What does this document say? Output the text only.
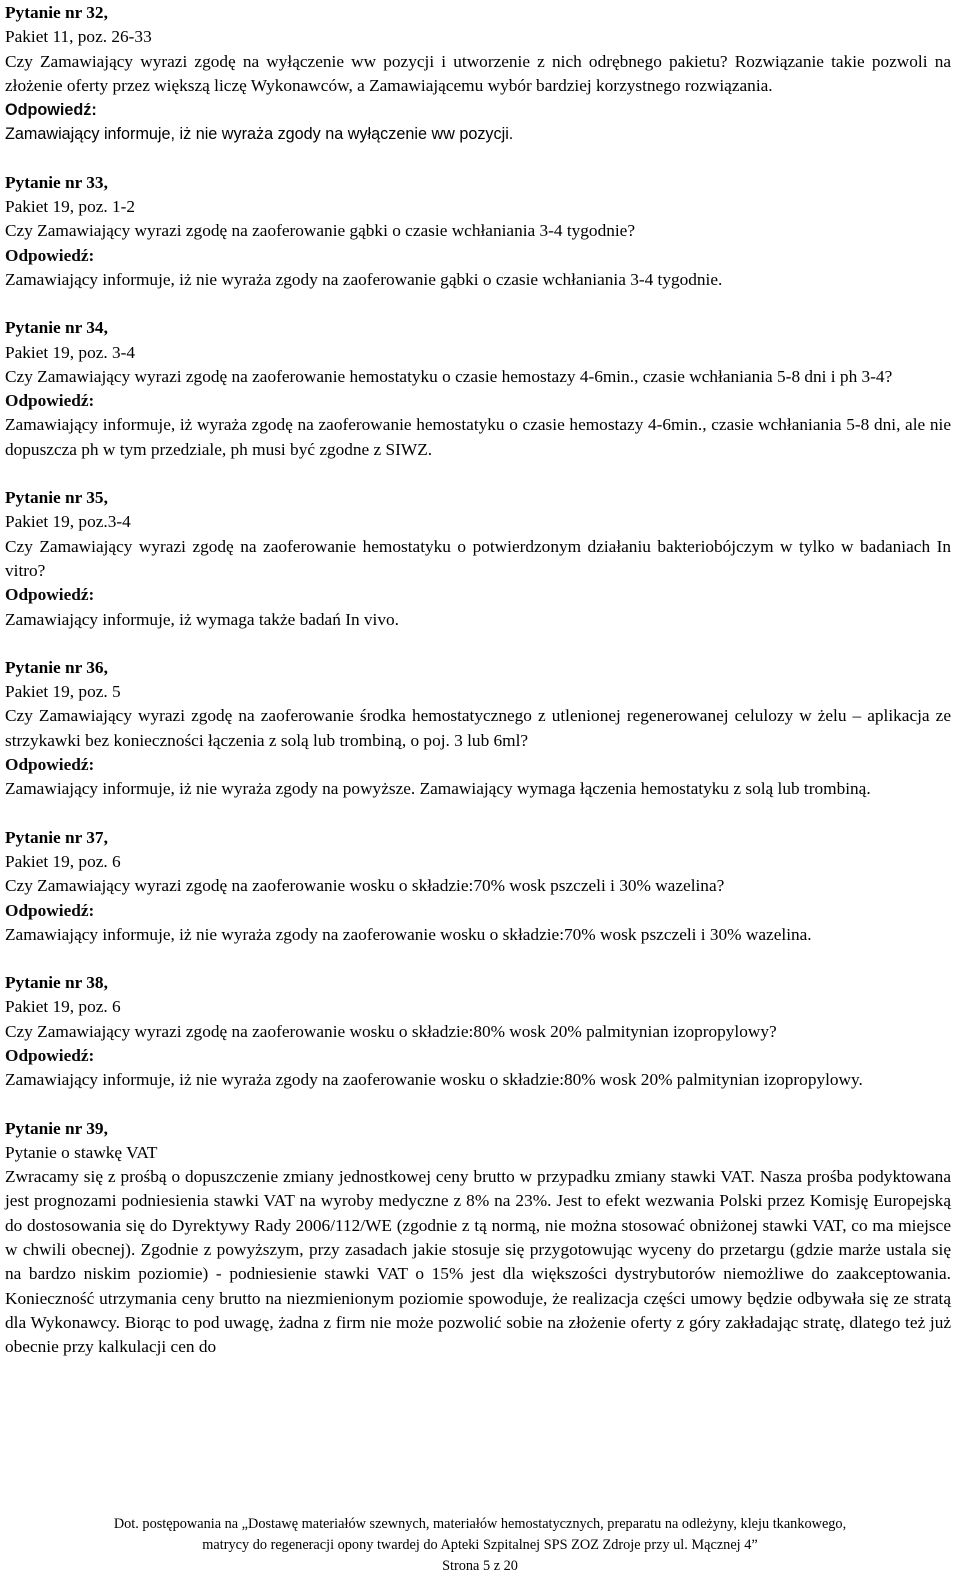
Pytanie nr 32,

Pakiet 11, poz. 26-33

Czy Zamawiający wyrazi zgodę na wyłączenie ww pozycji i utworzenie z nich odrębnego pakietu? Rozwiązanie takie pozwoli na złożenie oferty przez większą liczę Wykonawców, a Zamawiającemu wybór bardziej korzystnego rozwiązania.

Odpowiedź:

Zamawiający informuje, iż nie wyraża zgody na wyłączenie ww pozycji.

Pytanie nr 33,

Pakiet 19, poz. 1-2

Czy Zamawiający wyrazi zgodę na zaoferowanie gąbki o czasie wchłaniania 3-4 tygodnie?

Odpowiedź:

Zamawiający informuje, iż nie wyraża zgody na zaoferowanie gąbki o czasie wchłaniania 3-4 tygodnie.

Pytanie nr 34,

Pakiet 19, poz. 3-4

Czy Zamawiający wyrazi zgodę na zaoferowanie hemostatyku o czasie hemostazy 4-6min., czasie wchłaniania 5-8 dni i ph 3-4?

Odpowiedź:

Zamawiający informuje, iż wyraża zgodę na zaoferowanie hemostatyku o czasie hemostazy 4-6min., czasie wchłaniania 5-8 dni, ale nie dopuszcza ph w tym przedziale, ph musi być zgodne z SIWZ.

Pytanie nr 35,

Pakiet 19, poz.3-4

Czy Zamawiający wyrazi zgodę na zaoferowanie hemostatyku o potwierdzonym działaniu bakteriobójczym w tylko w badaniach In vitro?

Odpowiedź:

Zamawiający informuje, iż wymaga także badań In vivo.

Pytanie nr 36,

Pakiet 19, poz. 5

Czy Zamawiający wyrazi zgodę na zaoferowanie środka hemostatycznego z utlenionej regenerowanej celulozy w żelu – aplikacja ze strzykawki bez konieczności łączenia z solą lub trombiną, o poj. 3 lub 6ml?

Odpowiedź:

Zamawiający informuje, iż nie wyraża zgody na powyższe. Zamawiający wymaga łączenia hemostatyku z solą lub trombiną.

Pytanie nr 37,

Pakiet 19, poz. 6

Czy Zamawiający wyrazi zgodę na zaoferowanie wosku o składzie:70% wosk pszczeli i 30% wazelina?

Odpowiedź:

Zamawiający informuje, iż nie wyraża zgody na zaoferowanie wosku o składzie:70% wosk pszczeli i 30% wazelina.

Pytanie nr 38,

Pakiet 19, poz. 6

Czy Zamawiający wyrazi zgodę na zaoferowanie wosku o składzie:80% wosk 20% palmitynian izopropylowy?

Odpowiedź:

Zamawiający informuje, iż nie wyraża zgody na zaoferowanie wosku o składzie:80% wosk 20% palmitynian izopropylowy.

Pytanie nr 39,

Pytanie o stawkę VAT

Zwracamy się z prośbą o dopuszczenie zmiany jednostkowej ceny brutto w przypadku zmiany stawki VAT. Nasza prośba podyktowana jest prognozami podniesienia stawki VAT na wyroby medyczne z 8% na 23%. Jest to efekt wezwania Polski przez Komisję Europejską do dostosowania się do Dyrektywy Rady 2006/112/WE (zgodnie z tą normą, nie można stosować obniżonej stawki VAT, co ma miejsce w chwili obecnej). Zgodnie z powyższym, przy zasadach jakie stosuje się przygotowując wyceny do przetargu (gdzie marże ustala się na bardzo niskim poziomie) - podniesienie stawki VAT o 15% jest dla większości dystrybutorów niemożliwe do zaakceptowania. Konieczność utrzymania ceny brutto na niezmienionym poziomie spowoduje, że realizacja części umowy będzie odbywała się ze stratą dla Wykonawcy. Biorąc to pod uwagę, żadna z firm nie może pozwolić sobie na złożenie oferty z góry zakładając stratę, dlatego też już obecnie przy kalkulacji cen do

Dot. postępowania na „Dostawę materiałów szewnych, materiałów hemostatycznych, preparatu na odleżyny, kleju tkankowego,

matrycy do regeneracji opony twardej do Apteki Szpitalnej SPS ZOZ Zdroje przy ul. Mącznej 4”

Strona 5 z 20
